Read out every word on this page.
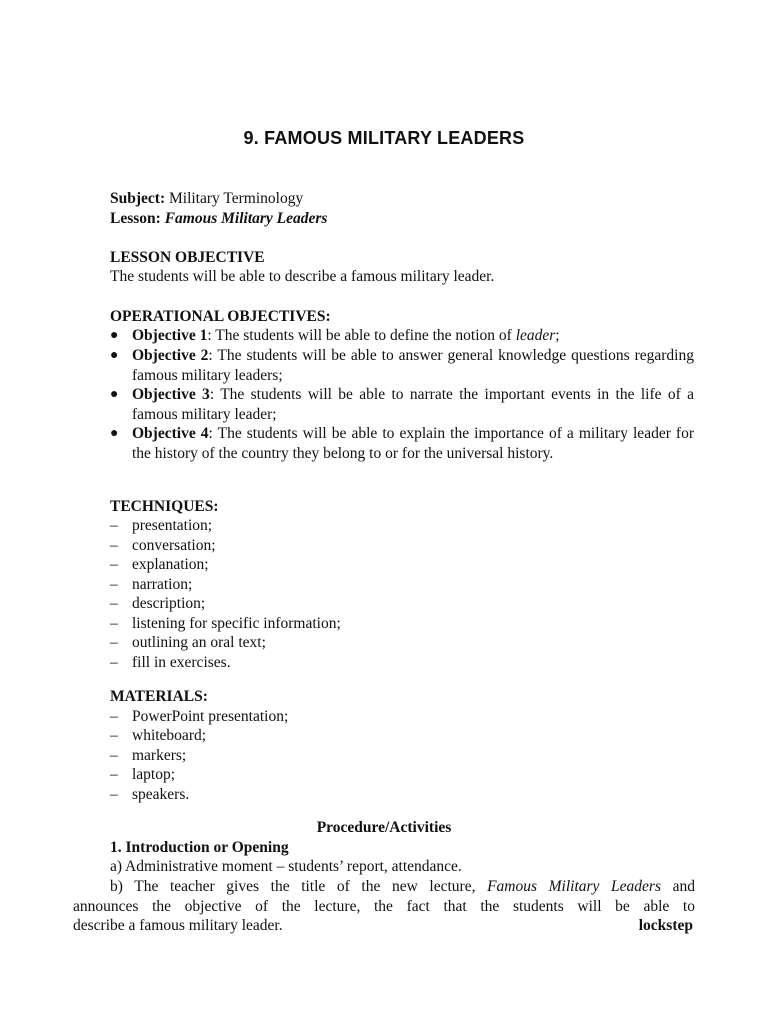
9. FAMOUS MILITARY LEADERS
Subject: Military Terminology
Lesson: Famous Military Leaders
LESSON OBJECTIVE
The students will be able to describe a famous military leader.
OPERATIONAL OBJECTIVES:
● Objective 1: The students will be able to define the notion of leader;
● Objective 2: The students will be able to answer general knowledge questions regarding famous military leaders;
● Objective 3: The students will be able to narrate the important events in the life of a famous military leader;
● Objective 4: The students will be able to explain the importance of a military leader for the history of the country they belong to or for the universal history.
TECHNIQUES:
– presentation;
– conversation;
– explanation;
– narration;
– description;
– listening for specific information;
– outlining an oral text;
– fill in exercises.
MATERIALS:
– PowerPoint presentation;
– whiteboard;
– markers;
– laptop;
– speakers.
Procedure/Activities
1. Introduction or Opening
a) Administrative moment – students’ report, attendance.
b) The teacher gives the title of the new lecture, Famous Military Leaders and
announces the objective of the lecture, the fact that the students will be able to
describe a famous military leader.	lockstep
